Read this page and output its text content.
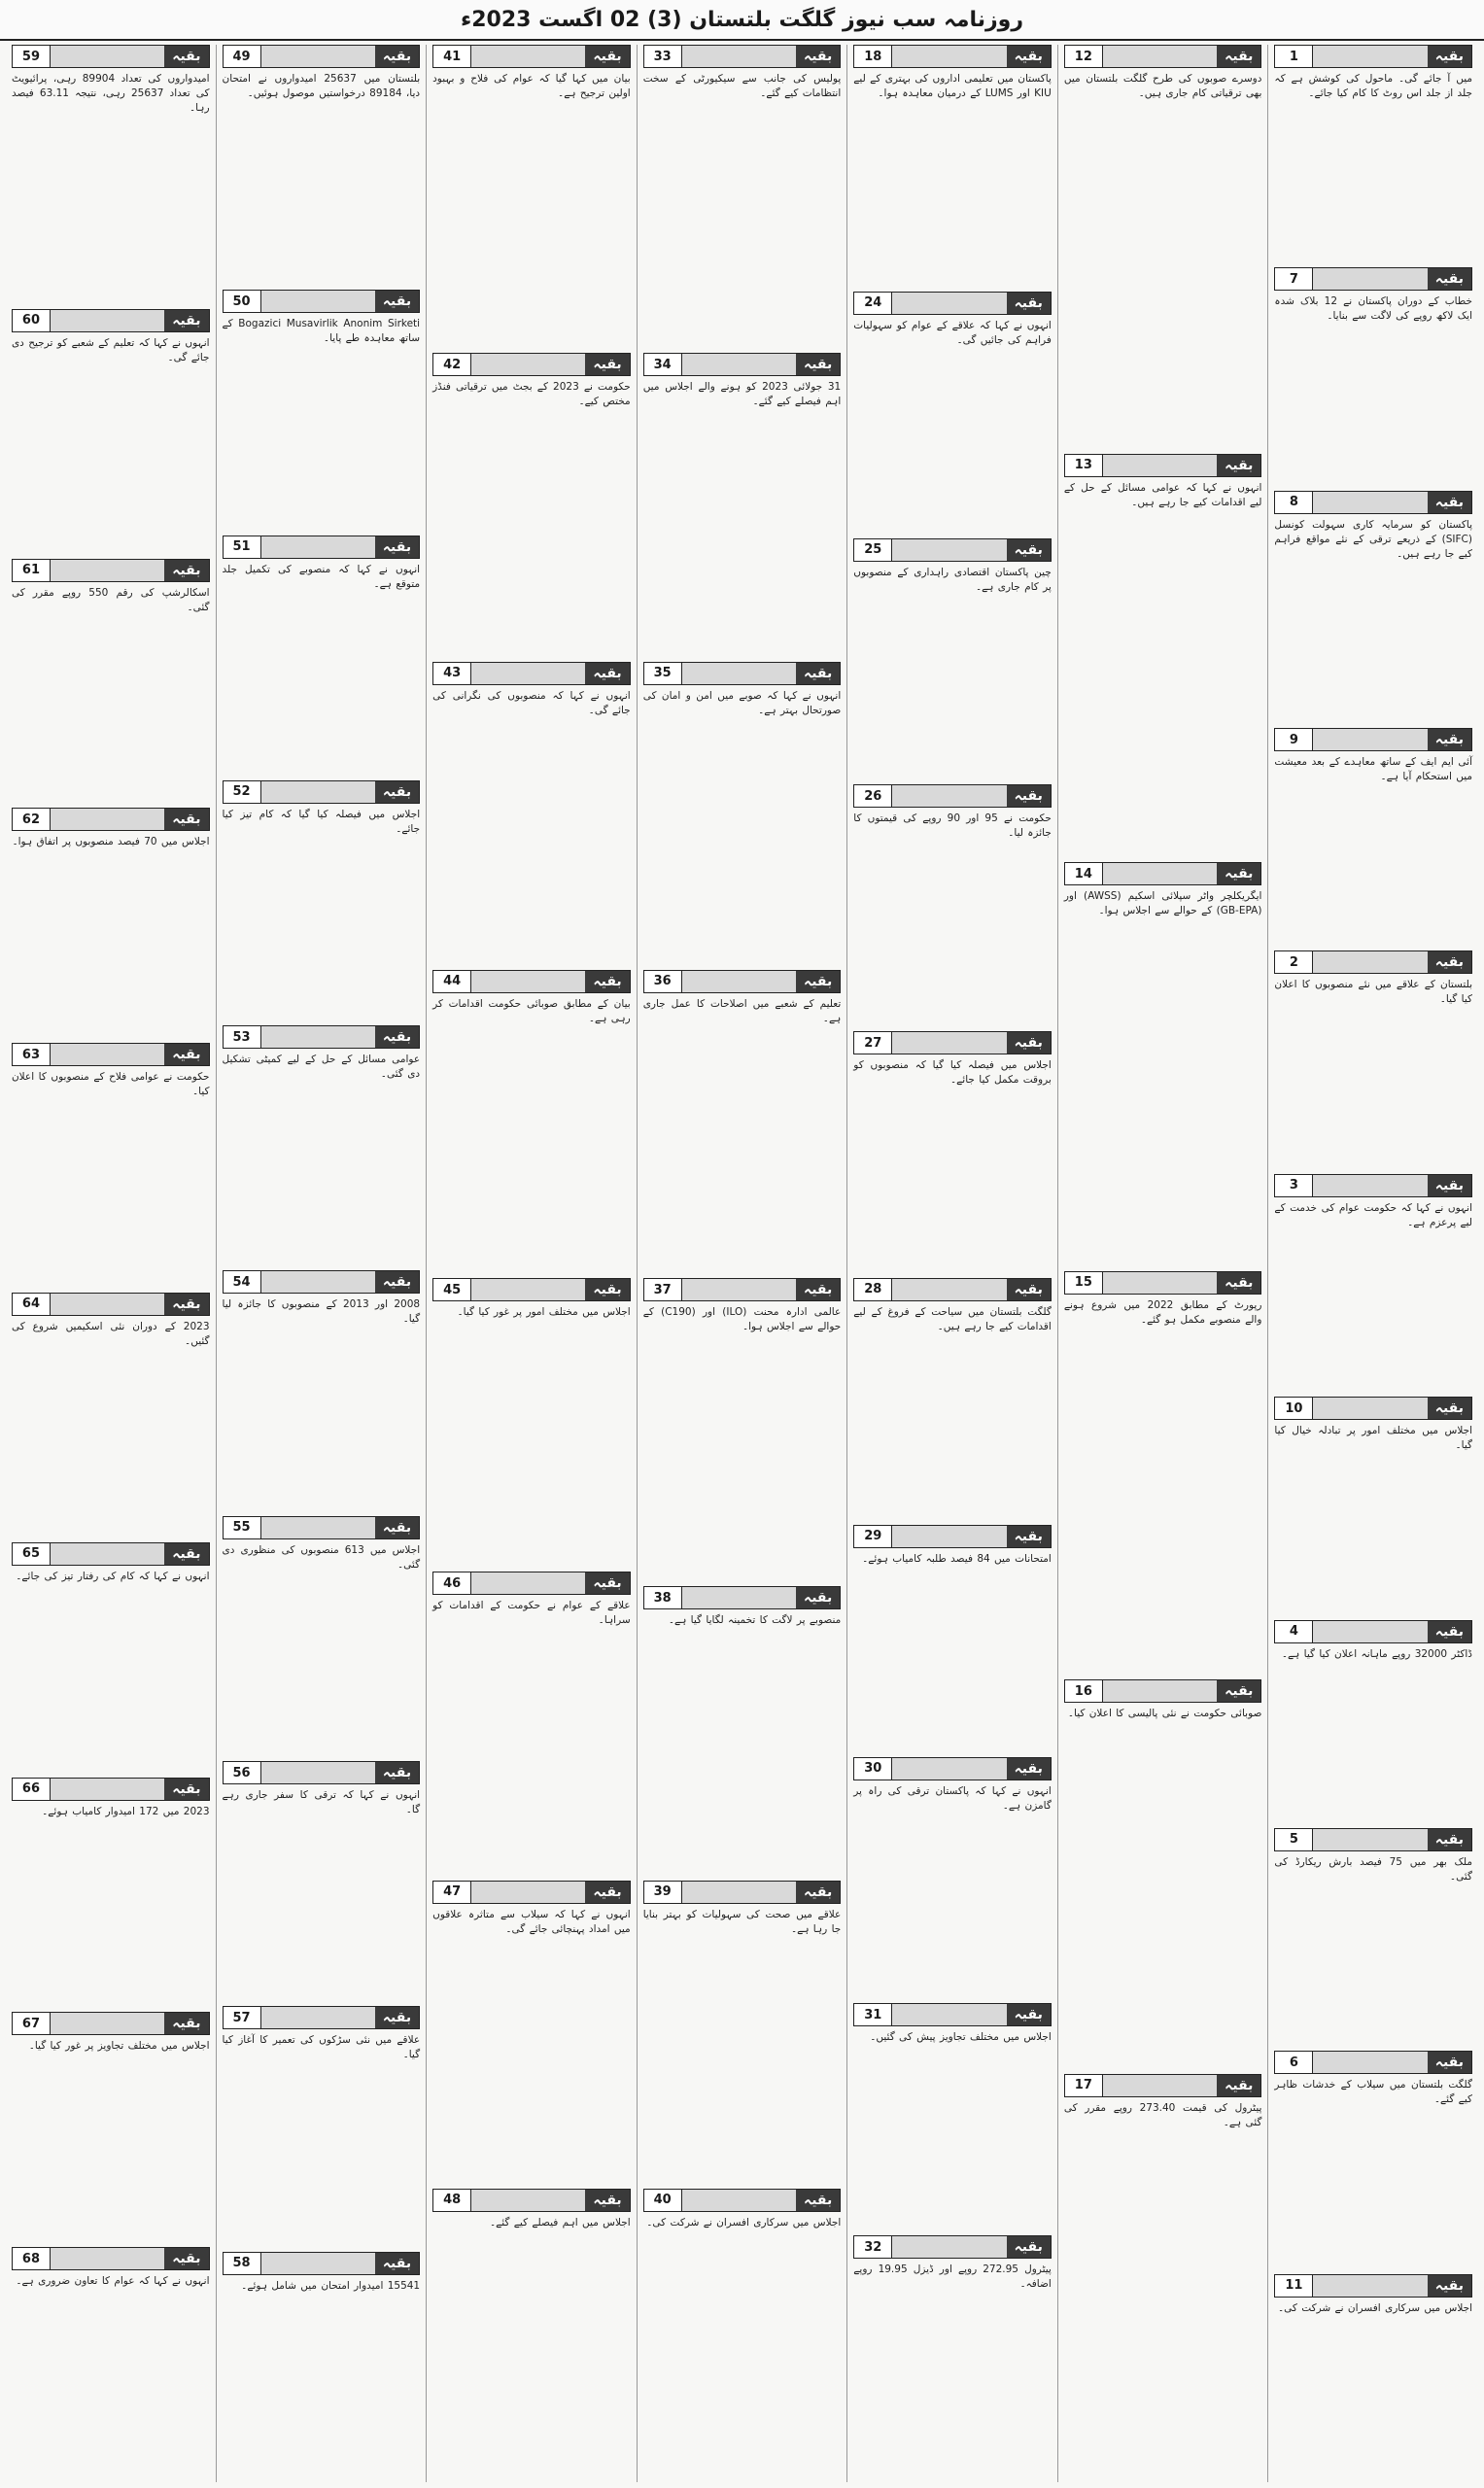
روزنامہ سب نیوز گلگت بلتستان (3) 02 اگست 2023ء
بقیہ
1
میں آ جائے گی۔ ماحول کی کوشش ہے کہ جلد از جلد اس روٹ کا کام کیا جائے۔
بقیہ
7
خطاب کے دوران پاکستان نے 12 بلاک شدہ ایک لاکھ روپے کی لاگت سے بنایا۔
بقیہ
8
پاکستان کو سرمایہ کاری سہولت کونسل (SIFC) کے ذریعے ترقی کے نئے مواقع فراہم کیے جا رہے ہیں۔
بقیہ
9
آئی ایم ایف کے ساتھ معاہدے کے بعد معیشت میں استحکام آیا ہے۔
بقیہ
2
بلتستان کے علاقے میں نئے منصوبوں کا اعلان کیا گیا۔
بقیہ
3
انہوں نے کہا کہ حکومت عوام کی خدمت کے لیے پرعزم ہے۔
بقیہ
10
اجلاس میں مختلف امور پر تبادلہ خیال کیا گیا۔
بقیہ
4
ڈاکٹر 32000 روپے ماہانہ اعلان کیا گیا ہے۔
بقیہ
5
ملک بھر میں 75 فیصد بارش ریکارڈ کی گئی۔
بقیہ
6
گلگت بلتستان میں سیلاب کے خدشات ظاہر کیے گئے۔
بقیہ
11
اجلاس میں سرکاری افسران نے شرکت کی۔
بقیہ
12
دوسرے صوبوں کی طرح گلگت بلتستان میں بھی ترقیاتی کام جاری ہیں۔
بقیہ
13
انہوں نے کہا کہ عوامی مسائل کے حل کے لیے اقدامات کیے جا رہے ہیں۔
بقیہ
14
ایگریکلچر واٹر سپلائی اسکیم (AWSS) اور (GB-EPA) کے حوالے سے اجلاس ہوا۔
بقیہ
15
رپورٹ کے مطابق 2022 میں شروع ہونے والے منصوبے مکمل ہو گئے۔
بقیہ
16
صوبائی حکومت نے نئی پالیسی کا اعلان کیا۔
بقیہ
17
پیٹرول کی قیمت 273.40 روپے مقرر کی گئی ہے۔
بقیہ
18
پاکستان میں تعلیمی اداروں کی بہتری کے لیے KIU اور LUMS کے درمیان معاہدہ ہوا۔
بقیہ
24
انہوں نے کہا کہ علاقے کے عوام کو سہولیات فراہم کی جائیں گی۔
بقیہ
25
چین پاکستان اقتصادی راہداری کے منصوبوں پر کام جاری ہے۔
بقیہ
26
حکومت نے 95 اور 90 روپے کی قیمتوں کا جائزہ لیا۔
بقیہ
27
اجلاس میں فیصلہ کیا گیا کہ منصوبوں کو بروقت مکمل کیا جائے۔
بقیہ
28
گلگت بلتستان میں سیاحت کے فروغ کے لیے اقدامات کیے جا رہے ہیں۔
بقیہ
29
امتحانات میں 84 فیصد طلبہ کامیاب ہوئے۔
بقیہ
30
انہوں نے کہا کہ پاکستان ترقی کی راہ پر گامزن ہے۔
بقیہ
31
اجلاس میں مختلف تجاویز پیش کی گئیں۔
بقیہ
32
پیٹرول 272.95 روپے اور ڈیزل 19.95 روپے اضافہ۔
بقیہ
33
پولیس کی جانب سے سیکیورٹی کے سخت انتظامات کیے گئے۔
بقیہ
34
31 جولائی 2023 کو ہونے والے اجلاس میں اہم فیصلے کیے گئے۔
بقیہ
35
انہوں نے کہا کہ صوبے میں امن و امان کی صورتحال بہتر ہے۔
بقیہ
36
تعلیم کے شعبے میں اصلاحات کا عمل جاری ہے۔
بقیہ
37
عالمی ادارہ محنت (ILO) اور (C190) کے حوالے سے اجلاس ہوا۔
بقیہ
38
منصوبے پر لاگت کا تخمینہ لگایا گیا ہے۔
بقیہ
39
علاقے میں صحت کی سہولیات کو بہتر بنایا جا رہا ہے۔
بقیہ
40
اجلاس میں سرکاری افسران نے شرکت کی۔
بقیہ
41
بیان میں کہا گیا کہ عوام کی فلاح و بہبود اولین ترجیح ہے۔
بقیہ
42
حکومت نے 2023 کے بجٹ میں ترقیاتی فنڈز مختص کیے۔
بقیہ
43
انہوں نے کہا کہ منصوبوں کی نگرانی کی جائے گی۔
بقیہ
44
بیان کے مطابق صوبائی حکومت اقدامات کر رہی ہے۔
بقیہ
45
اجلاس میں مختلف امور پر غور کیا گیا۔
بقیہ
46
علاقے کے عوام نے حکومت کے اقدامات کو سراہا۔
بقیہ
47
انہوں نے کہا کہ سیلاب سے متاثرہ علاقوں میں امداد پہنچائی جائے گی۔
بقیہ
48
اجلاس میں اہم فیصلے کیے گئے۔
بقیہ
49
بلتستان میں 25637 امیدواروں نے امتحان دیا، 89184 درخواستیں موصول ہوئیں۔
بقیہ
50
Bogazici Musavirlik Anonim Sirketi کے ساتھ معاہدہ طے پایا۔
بقیہ
51
انہوں نے کہا کہ منصوبے کی تکمیل جلد متوقع ہے۔
بقیہ
52
اجلاس میں فیصلہ کیا گیا کہ کام تیز کیا جائے۔
بقیہ
53
عوامی مسائل کے حل کے لیے کمیٹی تشکیل دی گئی۔
بقیہ
54
2008 اور 2013 کے منصوبوں کا جائزہ لیا گیا۔
بقیہ
55
اجلاس میں 613 منصوبوں کی منظوری دی گئی۔
بقیہ
56
انہوں نے کہا کہ ترقی کا سفر جاری رہے گا۔
بقیہ
57
علاقے میں نئی سڑکوں کی تعمیر کا آغاز کیا گیا۔
بقیہ
58
15541 امیدوار امتحان میں شامل ہوئے۔
بقیہ
59
امیدواروں کی تعداد 89904 رہی، پرائیویٹ کی تعداد 25637 رہی، نتیجہ 63.11 فیصد رہا۔
بقیہ
60
انہوں نے کہا کہ تعلیم کے شعبے کو ترجیح دی جائے گی۔
بقیہ
61
اسکالرشپ کی رقم 550 روپے مقرر کی گئی۔
بقیہ
62
اجلاس میں 70 فیصد منصوبوں پر اتفاق ہوا۔
بقیہ
63
حکومت نے عوامی فلاح کے منصوبوں کا اعلان کیا۔
بقیہ
64
2023 کے دوران نئی اسکیمیں شروع کی گئیں۔
بقیہ
65
انہوں نے کہا کہ کام کی رفتار تیز کی جائے۔
بقیہ
66
2023 میں 172 امیدوار کامیاب ہوئے۔
بقیہ
67
اجلاس میں مختلف تجاویز پر غور کیا گیا۔
بقیہ
68
انہوں نے کہا کہ عوام کا تعاون ضروری ہے۔
